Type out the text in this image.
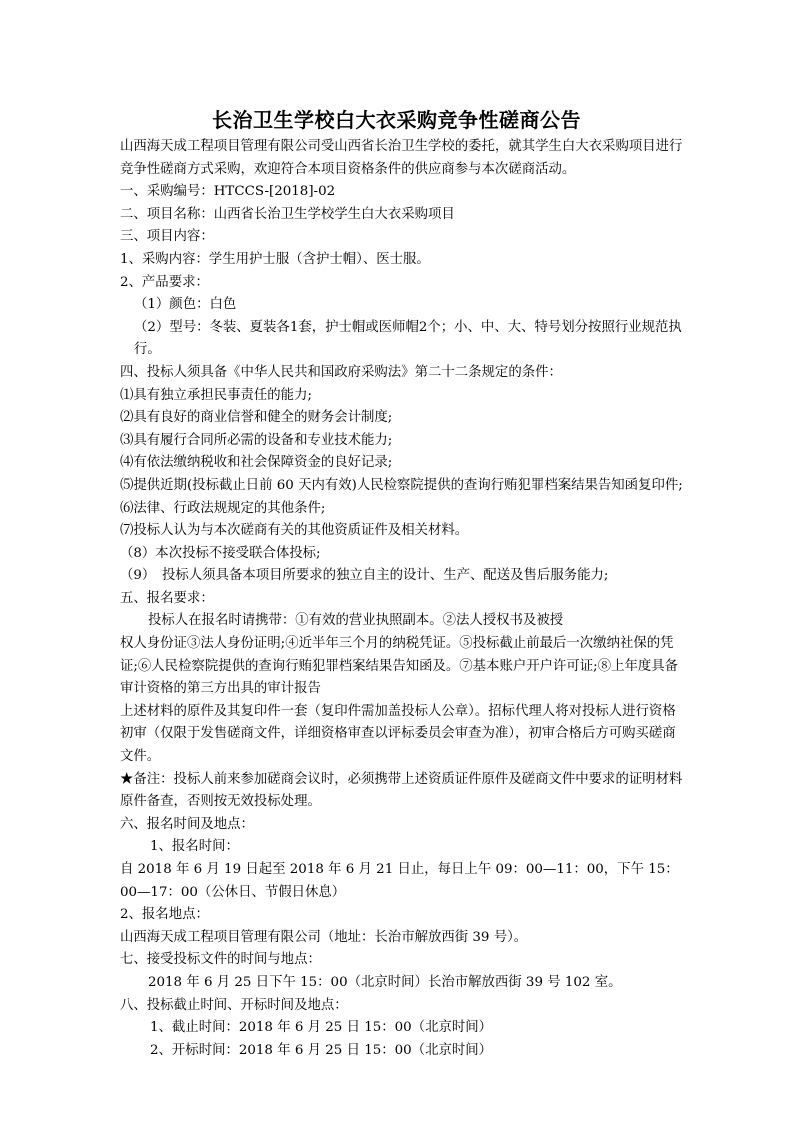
长治卫生学校白大衣采购竞争性磋商公告

山西海天成工程项目管理有限公司受山西省长治卫生学校的委托，就其学生白大衣采购项目进行竞争性磋商方式采购，欢迎符合本项目资格条件的供应商参与本次磋商活动。

一、采购编号：HTCCS-[2018]-02

二、项目名称：山西省长治卫生学校学生白大衣采购项目

三、项目内容：

1、采购内容：学生用护士服（含护士帽）、医士服。

2、产品要求：

（1）颜色：白色

（2）型号：冬装、夏装各1套，护士帽或医师帽2个；小、中、大、特号划分按照行业规范执行。

四、投标人须具备《中华人民共和国政府采购法》第二十二条规定的条件：

⑴具有独立承担民事责任的能力;

⑵具有良好的商业信誉和健全的财务会计制度;

⑶具有履行合同所必需的设备和专业技术能力;

⑷有依法缴纳税收和社会保障资金的良好记录;

⑸提供近期(投标截止日前 60 天内有效)人民检察院提供的查询行贿犯罪档案结果告知函复印件;

⑹法律、行政法规规定的其他条件;

⑺投标人认为与本次磋商有关的其他资质证件及相关材料。

（8）本次投标不接受联合体投标;

（9）　投标人须具备本项目所要求的独立自主的设计、生产、配送及售后服务能力;

五、报名要求：

投标人在报名时请携带：①有效的营业执照副本。②法人授权书及被授

权人身份证③法人身份证明;④近半年三个月的纳税凭证。⑤投标截止前最后一次缴纳社保的凭证;⑥人民检察院提供的查询行贿犯罪档案结果告知函及。⑦基本账户开户许可证;⑧上年度具备审计资格的第三方出具的审计报告

上述材料的原件及其复印件一套（复印件需加盖投标人公章）。招标代理人将对投标人进行资格初审（仅限于发售磋商文件，详细资格审查以评标委员会审查为准），初审合格后方可购买磋商文件。

★备注：投标人前来参加磋商会议时，必须携带上述资质证件原件及磋商文件中要求的证明材料原件备查，否则按无效投标处理。

六、报名时间及地点：

1、报名时间：

自 2018 年 6 月 19 日起至 2018 年 6 月 21 日止，每日上午 09：00—11：00，下午 15：00—17：00（公休日、节假日休息）

2、报名地点：

山西海天成工程项目管理有限公司（地址：长治市解放西街 39 号）。

七、接受投标文件的时间与地点：

2018 年 6 月 25 日下午 15：00（北京时间）长治市解放西街 39 号 102 室。

八、投标截止时间、开标时间及地点：

1、截止时间：2018 年 6 月 25 日 15：00（北京时间）

2、开标时间：2018 年 6 月 25 日 15：00（北京时间）
